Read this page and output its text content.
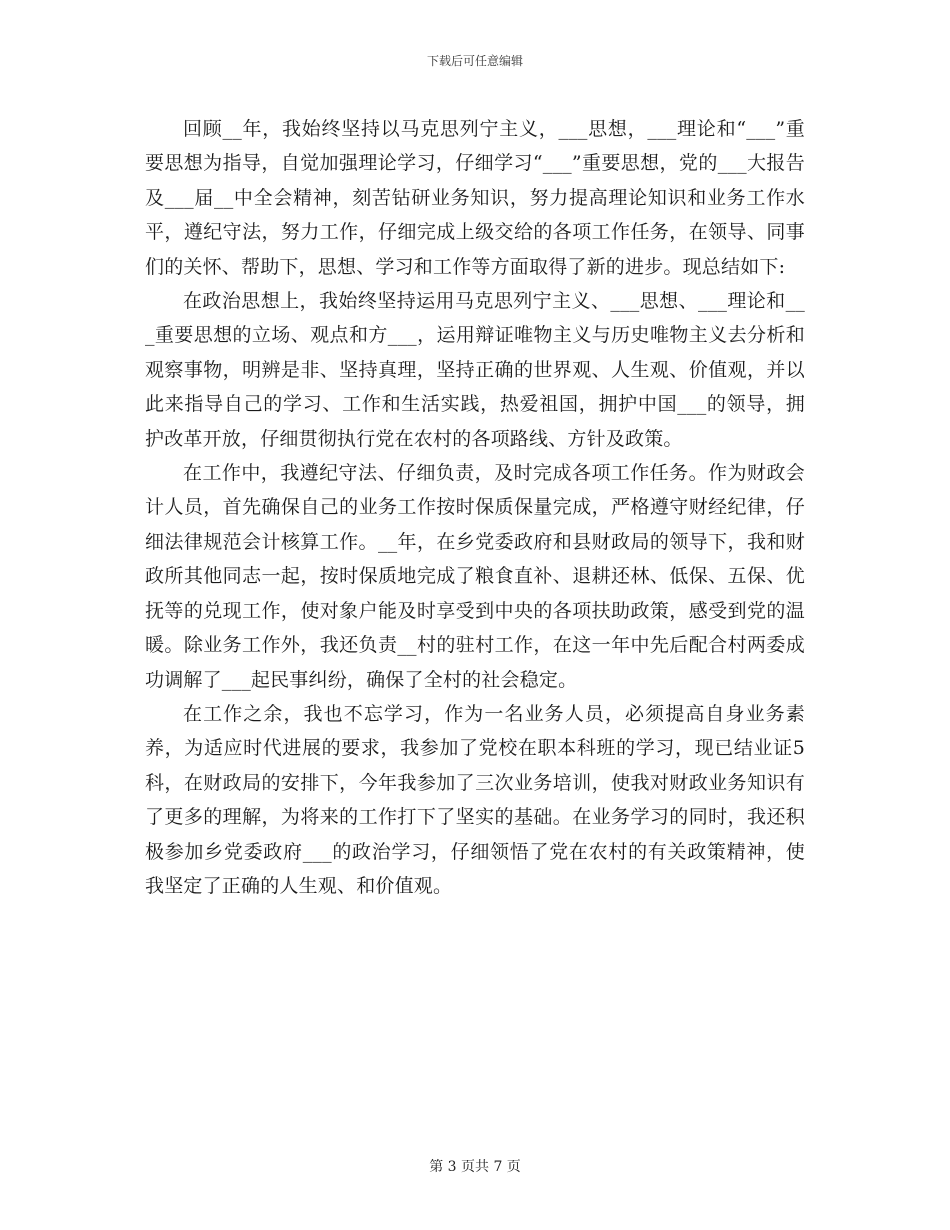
下载后可任意编辑

回顾__年，我始终坚持以马克思列宁主义，___思想，___理论和“___”重要思想为指导，自觉加强理论学习，仔细学习“___”重要思想，党的___大报告及___届__中全会精神，刻苦钻研业务知识，努力提高理论知识和业务工作水平，遵纪守法，努力工作，仔细完成上级交给的各项工作任务，在领导、同事们的关怀、帮助下，思想、学习和工作等方面取得了新的进步。现总结如下:

在政治思想上，我始终坚持运用马克思列宁主义、___思想、___理论和___重要思想的立场、观点和方___，运用辩证唯物主义与历史唯物主义去分析和观察事物，明辨是非、坚持真理，坚持正确的世界观、人生观、价值观，并以此来指导自己的学习、工作和生活实践，热爱祖国，拥护中国___的领导，拥护改革开放，仔细贯彻执行党在农村的各项路线、方针及政策。

在工作中，我遵纪守法、仔细负责，及时完成各项工作任务。作为财政会计人员，首先确保自己的业务工作按时保质保量完成，严格遵守财经纪律，仔细法律规范会计核算工作。__年，在乡党委政府和县财政局的领导下，我和财政所其他同志一起，按时保质地完成了粮食直补、退耕还林、低保、五保、优抚等的兑现工作，使对象户能及时享受到中央的各项扶助政策，感受到党的温暖。除业务工作外，我还负责__村的驻村工作，在这一年中先后配合村两委成功调解了___起民事纠纷，确保了全村的社会稳定。

在工作之余，我也不忘学习，作为一名业务人员，必须提高自身业务素养，为适应时代进展的要求，我参加了党校在职本科班的学习，现已结业证5科，在财政局的安排下，今年我参加了三次业务培训，使我对财政业务知识有了更多的理解，为将来的工作打下了坚实的基础。在业务学习的同时，我还积极参加乡党委政府___的政治学习，仔细领悟了党在农村的有关政策精神，使我坚定了正确的人生观、和价值观。

第 3 页共 7 页
